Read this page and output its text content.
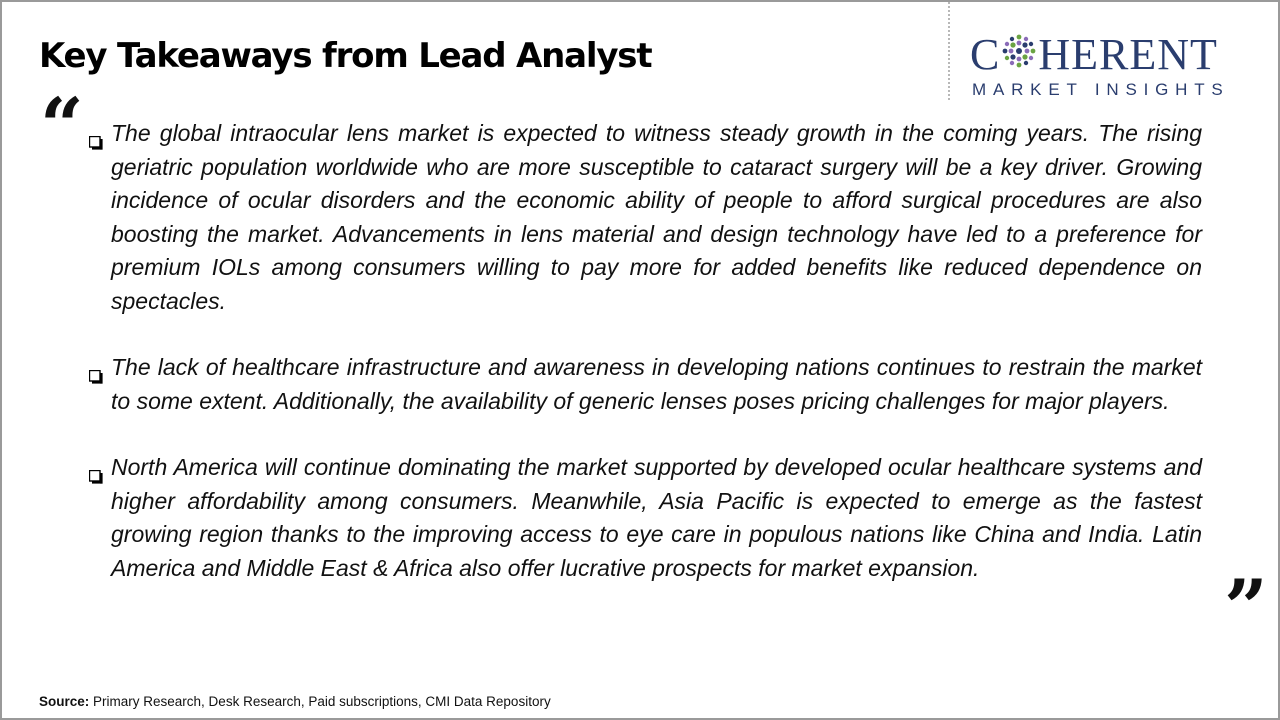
Key Takeaways from Lead Analyst	C HERENT
MARKET INSIGHTS
“
”
The global intraocular lens market is expected to witness steady growth in the coming years. The rising geriatric population worldwide who are more susceptible to cataract surgery will be a key driver. Growing incidence of ocular disorders and the economic ability of people to afford surgical procedures are also boosting the market. Advancements in lens material and design technology have led to a preference for premium IOLs among consumers willing to pay more for added benefits like reduced dependence on spectacles.
The lack of healthcare infrastructure and awareness in developing nations continues to restrain the market to some extent. Additionally, the availability of generic lenses poses pricing challenges for major players.
North America will continue dominating the market supported by developed ocular healthcare systems and higher affordability among consumers. Meanwhile, Asia Pacific is expected to emerge as the fastest growing region thanks to the improving access to eye care in populous nations like China and India. Latin America and Middle East & Africa also offer lucrative prospects for market expansion.
Source: Primary Research, Desk Research, Paid subscriptions, CMI Data Repository
